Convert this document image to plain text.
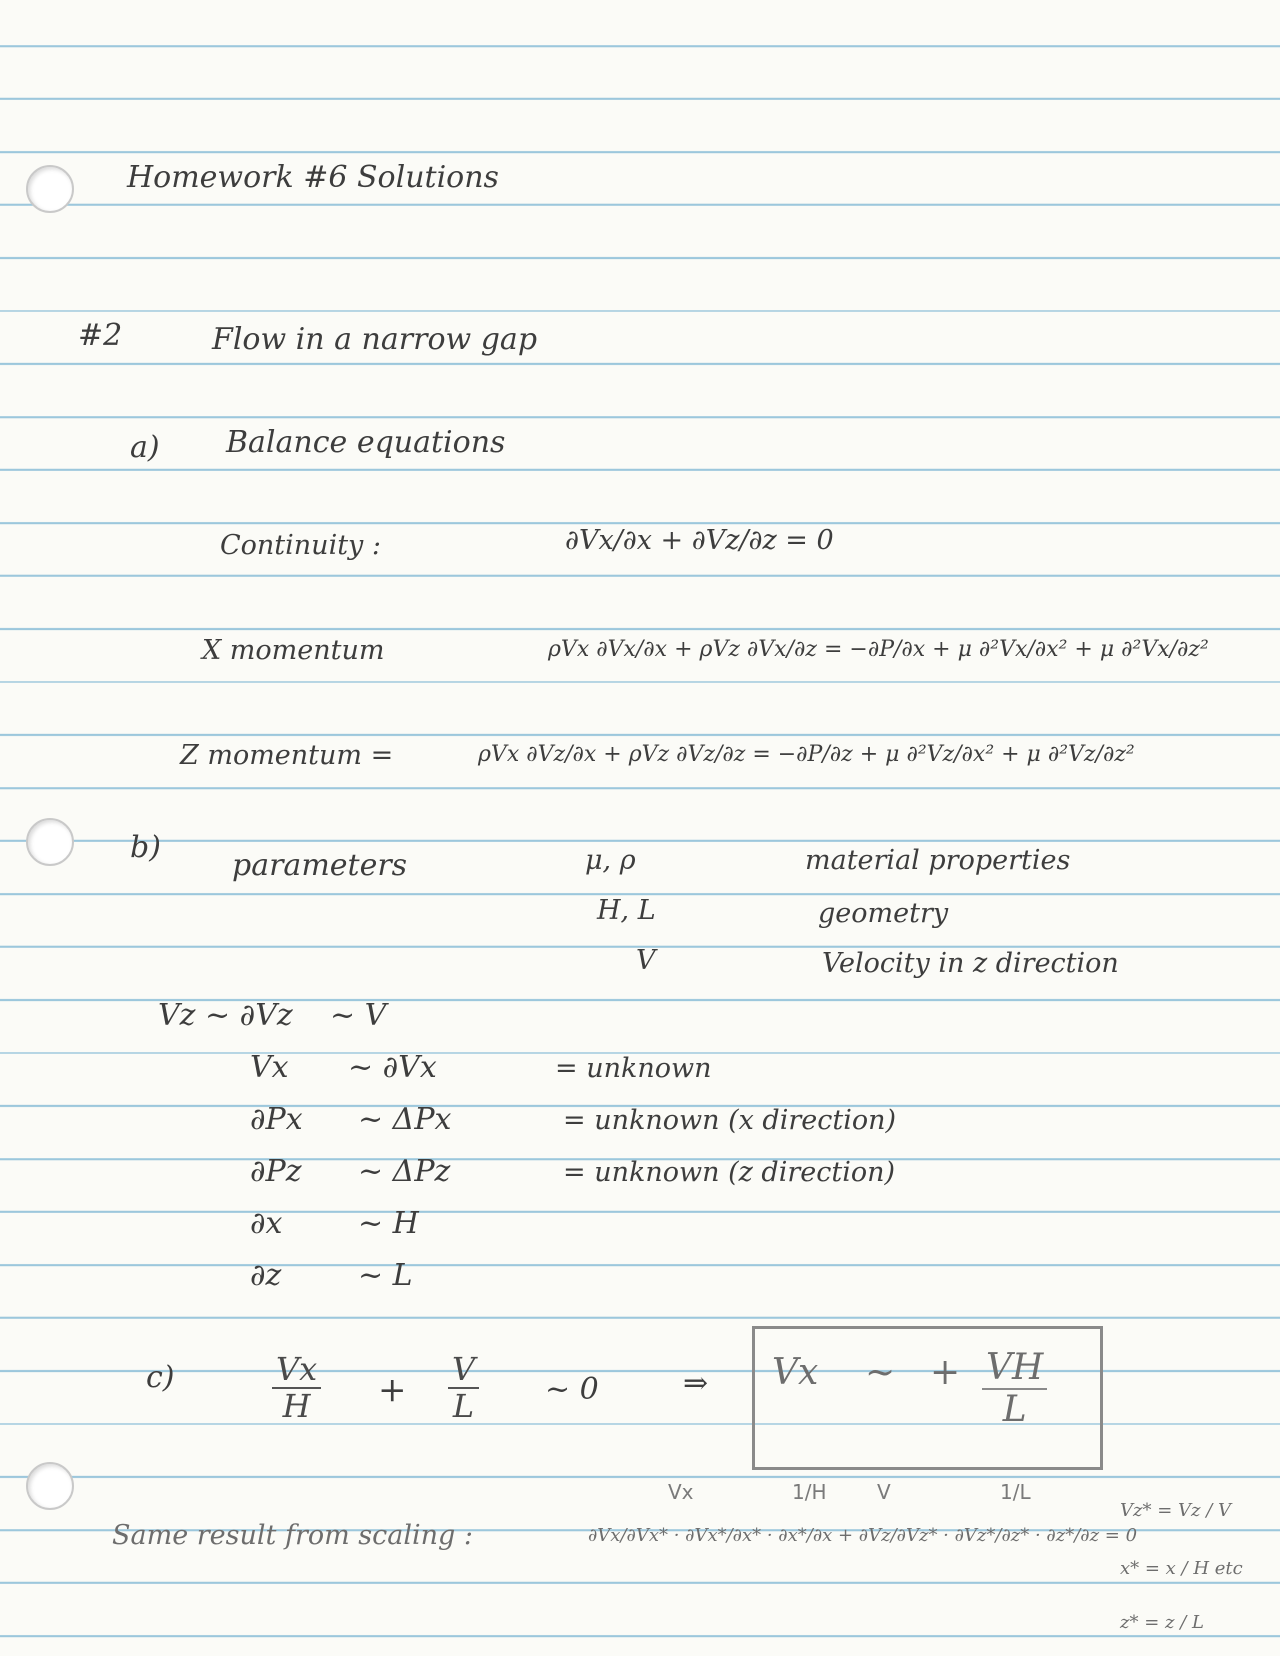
Homework #6 Solutions
#2	Flow in a narrow gap
a) Balance equations
Continuity :	∂Vx/∂x + ∂Vz/∂z = 0
X momentum	ρVx ∂Vx/∂x + ρVz ∂Vx/∂z = −∂P/∂x + μ ∂²Vx/∂x² + μ ∂²Vx/∂z²
Z momentum =	ρVx ∂Vz/∂x + ρVz ∂Vz/∂z = −∂P/∂z + μ ∂²Vz/∂x² + μ ∂²Vz/∂z²
b)
parameters	μ, ρ	material properties
H, L	geometry
V	Velocity in z direction
Vz ~ ∂Vz ~ V
Vx ~ ∂Vx	= unknown
∂Px ~ ΔPx	= unknown (x direction)
∂Pz ~ ΔPz	= unknown (z direction)
∂x	~ H
∂z	~ L
c)	$\frac{Vx}{H} + \frac{V}{L}$ ~ 0	⇒ Vx ~ + $\frac{VH}{L}$
Same result from scaling :	∂Vx/∂Vx* · ∂Vx*/∂x* · ∂x*/∂x + ∂Vz/∂Vz* · ∂Vz*/∂z* · ∂z*/∂z = 0
Vx	1/H	V	1/L
Vz* = Vz / V
x* = x / H etc
z* = z / L
